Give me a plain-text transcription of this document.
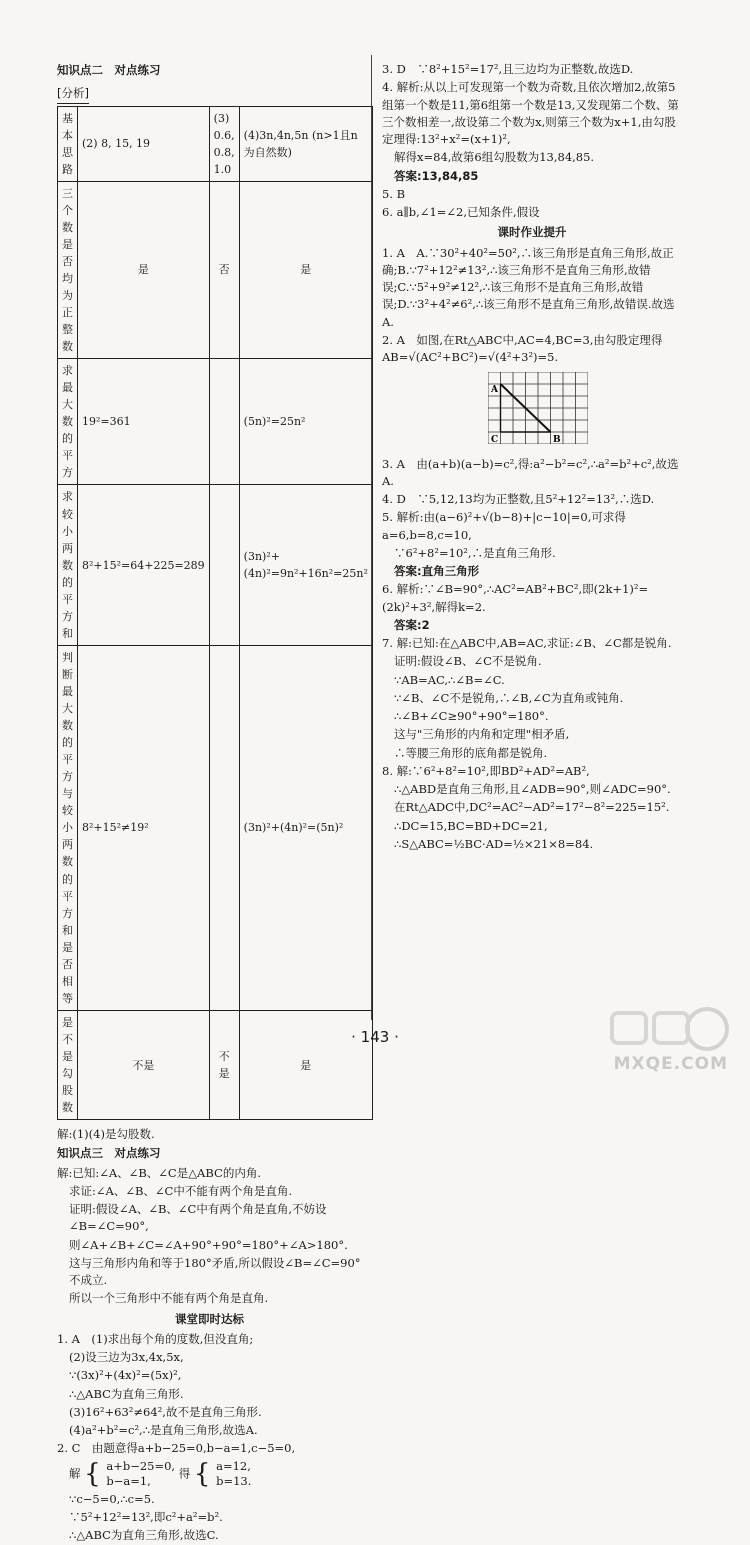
知识点二　对点练习
[分析]
基本思路	(2) 8, 15, 19	(3) 0.6, 0.8, 1.0	(4)3n,4n,5n (n>1且n为自然数)
三个数是否均为正整数	是	否	是
求最大数的平方	19²=361		(5n)²=25n²
求较小两数的平方和	8²+15²=64+225=289		(3n)²+(4n)²=9n²+16n²=25n²
判断最大数的平方与较小两数的平方和是否相等	8²+15²≠19²		(3n)²+(4n)²=(5n)²
是不是勾股数	不是	不是	是

解:(1)(4)是勾股数.

知识点三　对点练习

解:已知:∠A、∠B、∠C是△ABC的内角.

求证:∠A、∠B、∠C中不能有两个角是直角.

证明:假设∠A、∠B、∠C中有两个角是直角,不妨设∠B=∠C=90°,

则∠A+∠B+∠C=∠A+90°+90°=180°+∠A>180°.

这与三角形内角和等于180°矛盾,所以假设∠B=∠C=90°不成立.

所以一个三角形中不能有两个角是直角.

课堂即时达标

1. A　(1)求出每个角的度数,但没直角;

(2)设三边为3x,4x,5x,

∵(3x)²+(4x)²=(5x)²,

∴△ABC为直角三角形.

(3)16²+63²≠64²,故不是直角三角形.

(4)a²+b²=c²,∴是直角三角形,故选A.

2. C　由题意得a+b−25=0,b−a=1,c−5=0,

解 { a+b−25=0,
b−a=1, 得 { a=12,
b=13.

∵c−5=0,∴c=5.

∵5²+12²=13²,即c²+a²=b².

∴△ABC为直角三角形,故选C.

3. D　∵8²+15²=17²,且三边均为正整数,故选D.

4. 解析:从以上可发现第一个数为奇数,且依次增加2,故第5组第一个数是11,第6组第一个数是13,又发现第二个数、第三个数相差一,故设第二个数为x,则第三个数为x+1,由勾股定理得:13²+x²=(x+1)²,

解得x=84,故第6组勾股数为13,84,85.

答案:13,84,85

5. B

6. a∥b,∠1=∠2,已知条件,假设

课时作业提升

1. A　A.∵30²+40²=50²,∴该三角形是直角三角形,故正确;B.∵7²+12²≠13²,∴该三角形不是直角三角形,故错误;C.∵5²+9²≠12²,∴该三角形不是直角三角形,故错误;D.∵3²+4²≠6²,∴该三角形不是直角三角形,故错误.故选A.

2. A　如图,在Rt△ABC中,AC=4,BC=3,由勾股定理得AB=√(AC²+BC²)=√(4²+3²)=5.

A
C	B

3. A　由(a+b)(a−b)=c²,得:a²−b²=c²,∴a²=b²+c²,故选A.

4. D　∵5,12,13均为正整数,且5²+12²=13²,∴选D.

5. 解析:由(a−6)²+√(b−8)+|c−10|=0,可求得a=6,b=8,c=10,

∵6²+8²=10²,∴是直角三角形.

答案:直角三角形

6. 解析:∵∠B=90°,∴AC²=AB²+BC²,即(2k+1)²=(2k)²+3²,解得k=2.

答案:2

7. 解:已知:在△ABC中,AB=AC,求证:∠B、∠C都是锐角.

证明:假设∠B、∠C不是锐角.

∵AB=AC,∴∠B=∠C.

∵∠B、∠C不是锐角,∴∠B,∠C为直角或钝角.

∴∠B+∠C≥90°+90°=180°.

这与"三角形的内角和定理"相矛盾,

∴等腰三角形的底角都是锐角.

8. 解:∵6²+8²=10²,即BD²+AD²=AB²,

∴△ABD是直角三角形,且∠ADB=90°,则∠ADC=90°.

在Rt△ADC中,DC²=AC²−AD²=17²−8²=225=15².

∴DC=15,BC=BD+DC=21,

∴S△ABC=½BC·AD=½×21×8=84.

· 143 ·
MXQE.COM
